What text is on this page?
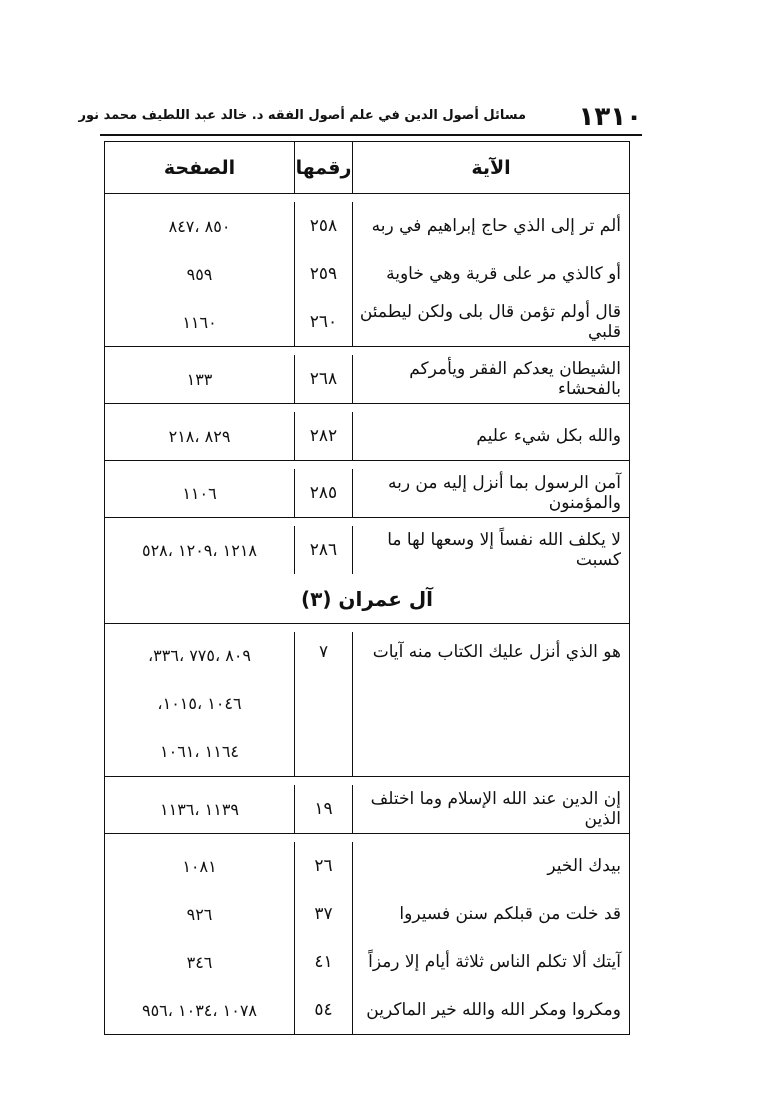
١٣١٠
مسائل أصول الدين في علم أصول الفقه د. خالد عبد اللطيف محمد نور
الآية
رقمها
الصفحة
ألم تر إلى الذي حاج إبراهيم في ربه
٢٥٨
٨٥٠ ،٨٤٧
أو كالذي مر على قرية وهي خاوية
٢٥٩
٩٥٩
قال أولم تؤمن قال بلى ولكن ليطمئن قلبي
٢٦٠
١١٦٠
الشيطان يعدكم الفقر ويأمركم بالفحشاء
٢٦٨
١٣٣
والله بكل شيء عليم
٢٨٢
٨٢٩ ،٢١٨
آمن الرسول بما أنزل إليه من ربه والمؤمنون
٢٨٥
١١٠٦
لا يكلف الله نفساً إلا وسعها لها ما كسبت
٢٨٦
١٢١٨ ،١٢٠٩ ،٥٢٨
آل عمران (٣)
هو الذي أنزل عليك الكتاب منه آيات
٧
٨٠٩ ،٧٧٥ ،٣٣٦،
١٠٤٦ ،١٠١٥،
١١٦٤ ،١٠٦١
إن الدين عند الله الإسلام وما اختلف الذين
١٩
١١٣٩ ،١١٣٦
بيدك الخير
٢٦
١٠٨١
قد خلت من قبلكم سنن فسيروا
٣٧
٩٢٦
آيتك ألا تكلم الناس ثلاثة أيام إلا رمزاً
٤١
٣٤٦
ومكروا ومكر الله والله خير الماكرين
٥٤
١٠٧٨ ،١٠٣٤ ،٩٥٦
